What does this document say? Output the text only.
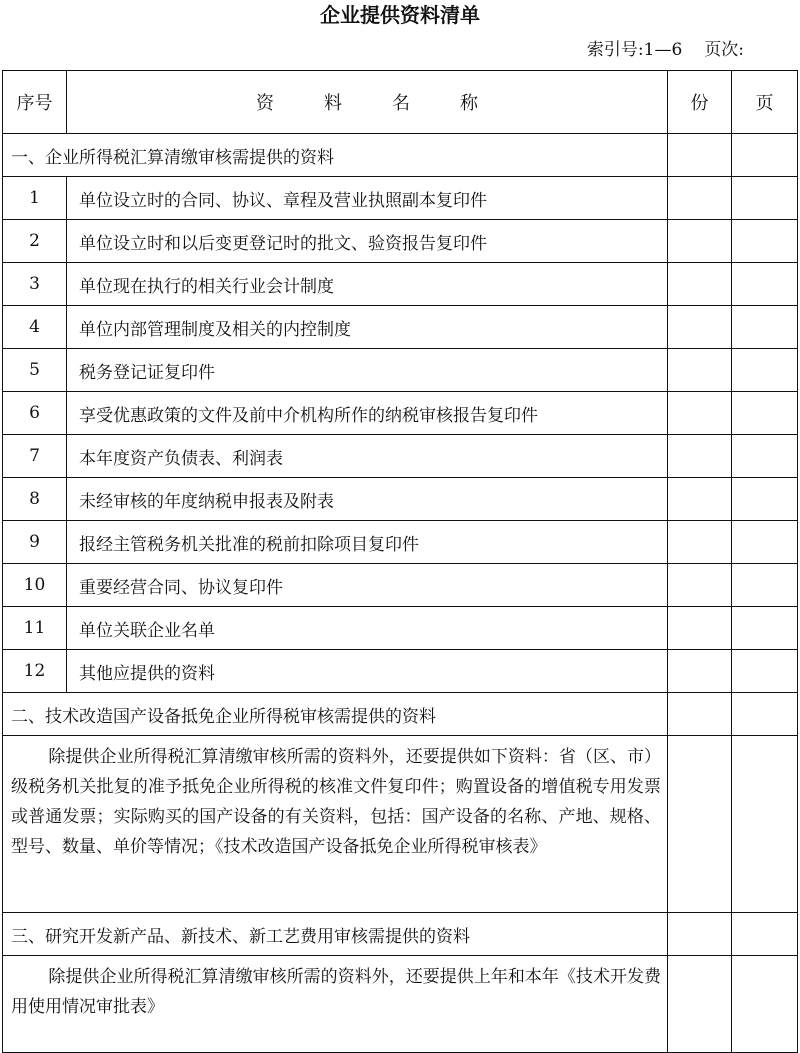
企业提供资料清单
索引号:1—6 页次:
序号	资料名称	份	页
一、企业所得税汇算清缴审核需提供的资料			
1	单位设立时的合同、协议、章程及营业执照副本复印件		
2	单位设立时和以后变更登记时的批文、验资报告复印件		
3	单位现在执行的相关行业会计制度		
4	单位内部管理制度及相关的内控制度		
5	税务登记证复印件		
6	享受优惠政策的文件及前中介机构所作的纳税审核报告复印件		
7	本年度资产负债表、利润表		
8	未经审核的年度纳税申报表及附表		
9	报经主管税务机关批准的税前扣除项目复印件		
10	重要经营合同、协议复印件		
11	单位关联企业名单		
12	其他应提供的资料		
二、技术改造国产设备抵免企业所得税审核需提供的资料			
除提供企业所得税汇算清缴审核所需的资料外，还要提供如下资料：省（区、市）级税务机关批复的准予抵免企业所得税的核准文件复印件；购置设备的增值税专用发票或普通发票；实际购买的国产设备的有关资料，包括：国产设备的名称、产地、规格、型号、数量、单价等情况；《技术改造国产设备抵免企业所得税审核表》			
三、研究开发新产品、新技术、新工艺费用审核需提供的资料			
除提供企业所得税汇算清缴审核所需的资料外，还要提供上年和本年《技术开发费用使用情况审批表》			
